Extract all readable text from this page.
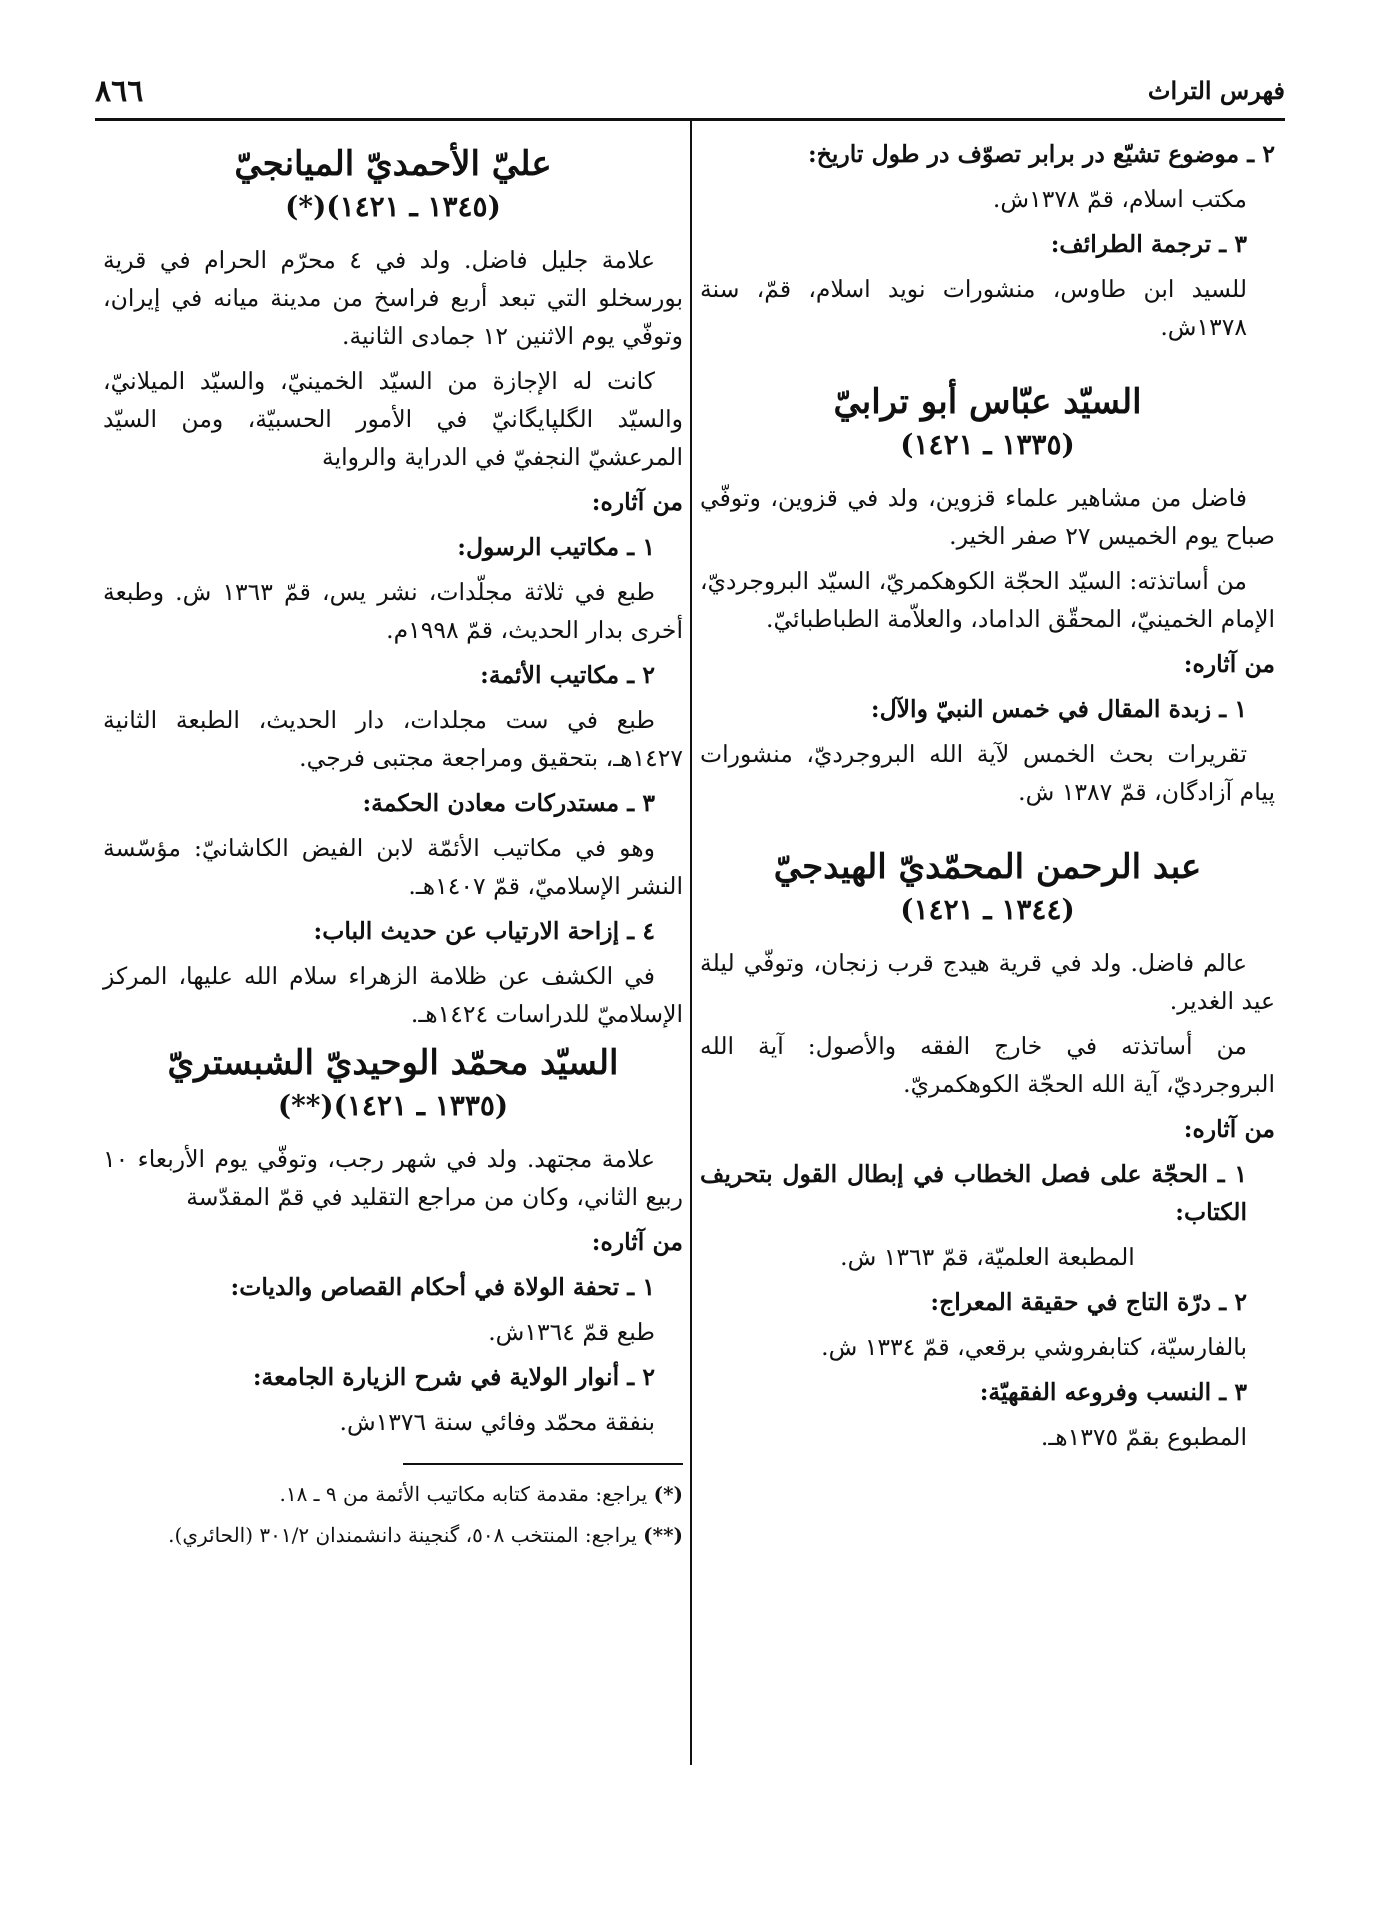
٨٦٦	فهرس التراث

٢ ـ موضوع تشيّع در برابر تصوّف در طول تاريخ:

مكتب اسلام، قمّ ١٣٧٨ش.

٣ ـ ترجمة الطرائف:

للسيد ابن طاوس، منشورات نويد اسلام، قمّ، سنة ١٣٧٨ش.

السيّد عبّاس أبو ترابيّ
(١٣٣٥ ـ ١٤٢١)

فاضل من مشاهير علماء قزوين، ولد في قزوين، وتوفّي صباح يوم الخميس ٢٧ صفر الخير.

من أساتذته: السيّد الحجّة الكوهكمريّ، السيّد البروجرديّ، الإمام الخمينيّ، المحقّق الداماد، والعلاّمة الطباطبائيّ.

من آثاره:

١ ـ زبدة المقال في خمس النبيّ والآل:

تقريرات بحث الخمس لآية الله البروجرديّ، منشورات پيام آزادگان، قمّ ١٣٨٧ ش.

عبد الرحمن المحمّديّ الهيدجيّ
(١٣٤٤ ـ ١٤٢١)

عالم فاضل. ولد في قرية هيدج قرب زنجان، وتوفّي ليلة عيد الغدير.

من أساتذته في خارج الفقه والأصول: آية الله البروجرديّ، آية الله الحجّة الكوهكمريّ.

من آثاره:

١ ـ الحجّة على فصل الخطاب في إبطال القول بتحريف الكتاب:

المطبعة العلميّة، قمّ ١٣٦٣ ش.

٢ ـ درّة التاج في حقيقة المعراج:

بالفارسيّة، كتابفروشي برقعي، قمّ ١٣٣٤ ش.

٣ ـ النسب وفروعه الفقهيّة:

المطبوع بقمّ ١٣٧٥هـ.

عليّ الأحمديّ الميانجيّ
(١٣٤٥ ـ ١٤٢١)(*)

علامة جليل فاضل. ولد في ٤ محرّم الحرام في قرية بورسخلو التي تبعد أربع فراسخ من مدينة ميانه في إيران، وتوفّي يوم الاثنين ١٢ جمادى الثانية.

كانت له الإجازة من السيّد الخمينيّ، والسيّد الميلانيّ، والسيّد الگلپايگانيّ في الأمور الحسبيّة، ومن السيّد المرعشيّ النجفيّ في الدراية والرواية

من آثاره:

١ ـ مكاتيب الرسول:

طبع في ثلاثة مجلّدات، نشر يس، قمّ ١٣٦٣ ش. وطبعة أخرى بدار الحديث، قمّ ١٩٩٨م.

٢ ـ مكاتيب الأئمة:

طبع في ست مجلدات، دار الحديث، الطبعة الثانية ١٤٢٧هـ، بتحقيق ومراجعة مجتبى فرجي.

٣ ـ مستدركات معادن الحكمة:

وهو في مكاتيب الأئمّة لابن الفيض الكاشانيّ: مؤسّسة النشر الإسلاميّ، قمّ ١٤٠٧هـ.

٤ ـ إزاحة الارتياب عن حديث الباب:

في الكشف عن ظلامة الزهراء سلام الله عليها، المركز الإسلاميّ للدراسات ١٤٢٤هـ.

السيّد محمّد الوحيديّ الشبستريّ
(١٣٣٥ ـ ١٤٢١)(**)

علامة مجتهد. ولد في شهر رجب، وتوفّي يوم الأربعاء ١٠ ربيع الثاني، وكان من مراجع التقليد في قمّ المقدّسة

من آثاره:

١ ـ تحفة الولاة في أحكام القصاص والديات:

طبع قمّ ١٣٦٤ش.

٢ ـ أنوار الولاية في شرح الزيارة الجامعة:

بنفقة محمّد وفائي سنة ١٣٧٦ش.

(*) يراجع: مقدمة كتابه مكاتيب الأئمة من ٩ ـ ١٨.

(**) يراجع: المنتخب ٥٠٨، گنجينة دانشمندان ٣٠١/٢ (الحائري).
